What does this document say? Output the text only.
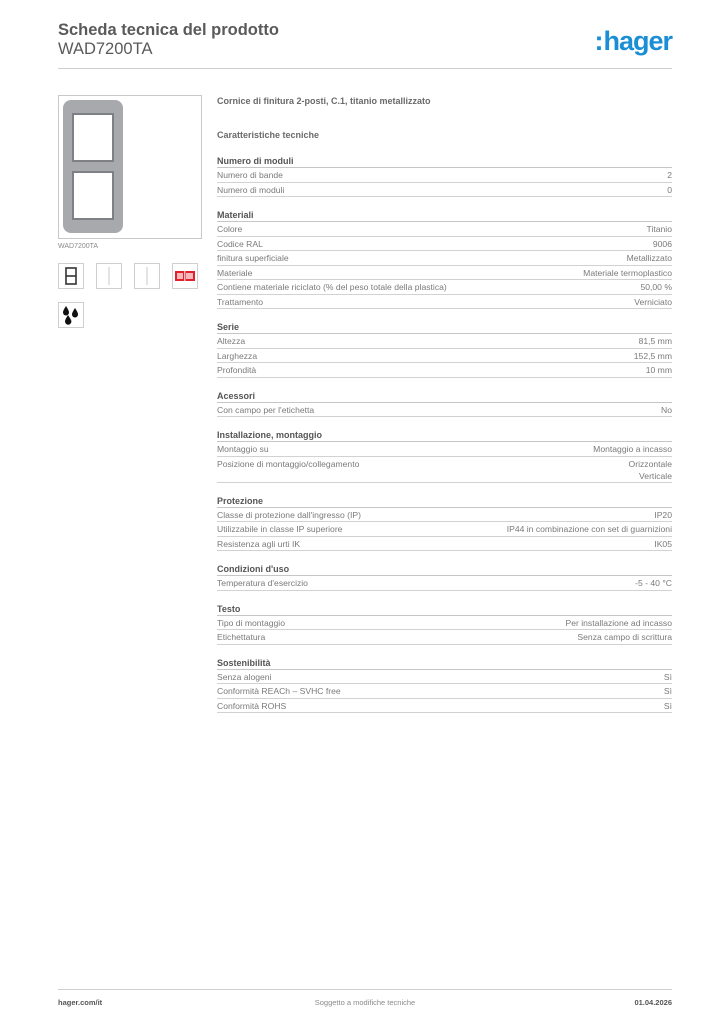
Scheda tecnica del prodotto
WAD7200TA	:hager
WAD7200TA
Cornice di finitura 2-posti, C.1, titanio metallizzato
Caratteristiche tecniche
Numero di moduli
Numero di bande	2
Numero di moduli	0
Materiali
Colore	Titanio
Codice RAL	9006
finitura superficiale	Metallizzato
Materiale	Materiale termoplastico
Contiene materiale riciclato (% del peso totale della plastica)	50,00 %
Trattamento	Verniciato
Serie
Altezza	81,5 mm
Larghezza	152,5 mm
Profondità	10 mm
Acessori
Con campo per l'etichetta	No
Installazione, montaggio
Montaggio su	Montaggio a incasso
Posizione di montaggio/collegamento	Orizzontale
Verticale
Protezione
Classe di protezione dall'ingresso (IP)	IP20
Utilizzabile in classe IP superiore	IP44 in combinazione con set di guarnizioni
Resistenza agli urti IK	IK05
Condizioni d'uso
Temperatura d'esercizio	-5 - 40 °C
Testo
Tipo di montaggio	Per installazione ad incasso
Etichettatura	Senza campo di scrittura
Sostenibilità
Senza alogeni	Sì
Conformità REACh – SVHC free	Sì
Conformità ROHS	Sì
hager.com/it	Soggetto a modifiche tecniche	01.04.2026
